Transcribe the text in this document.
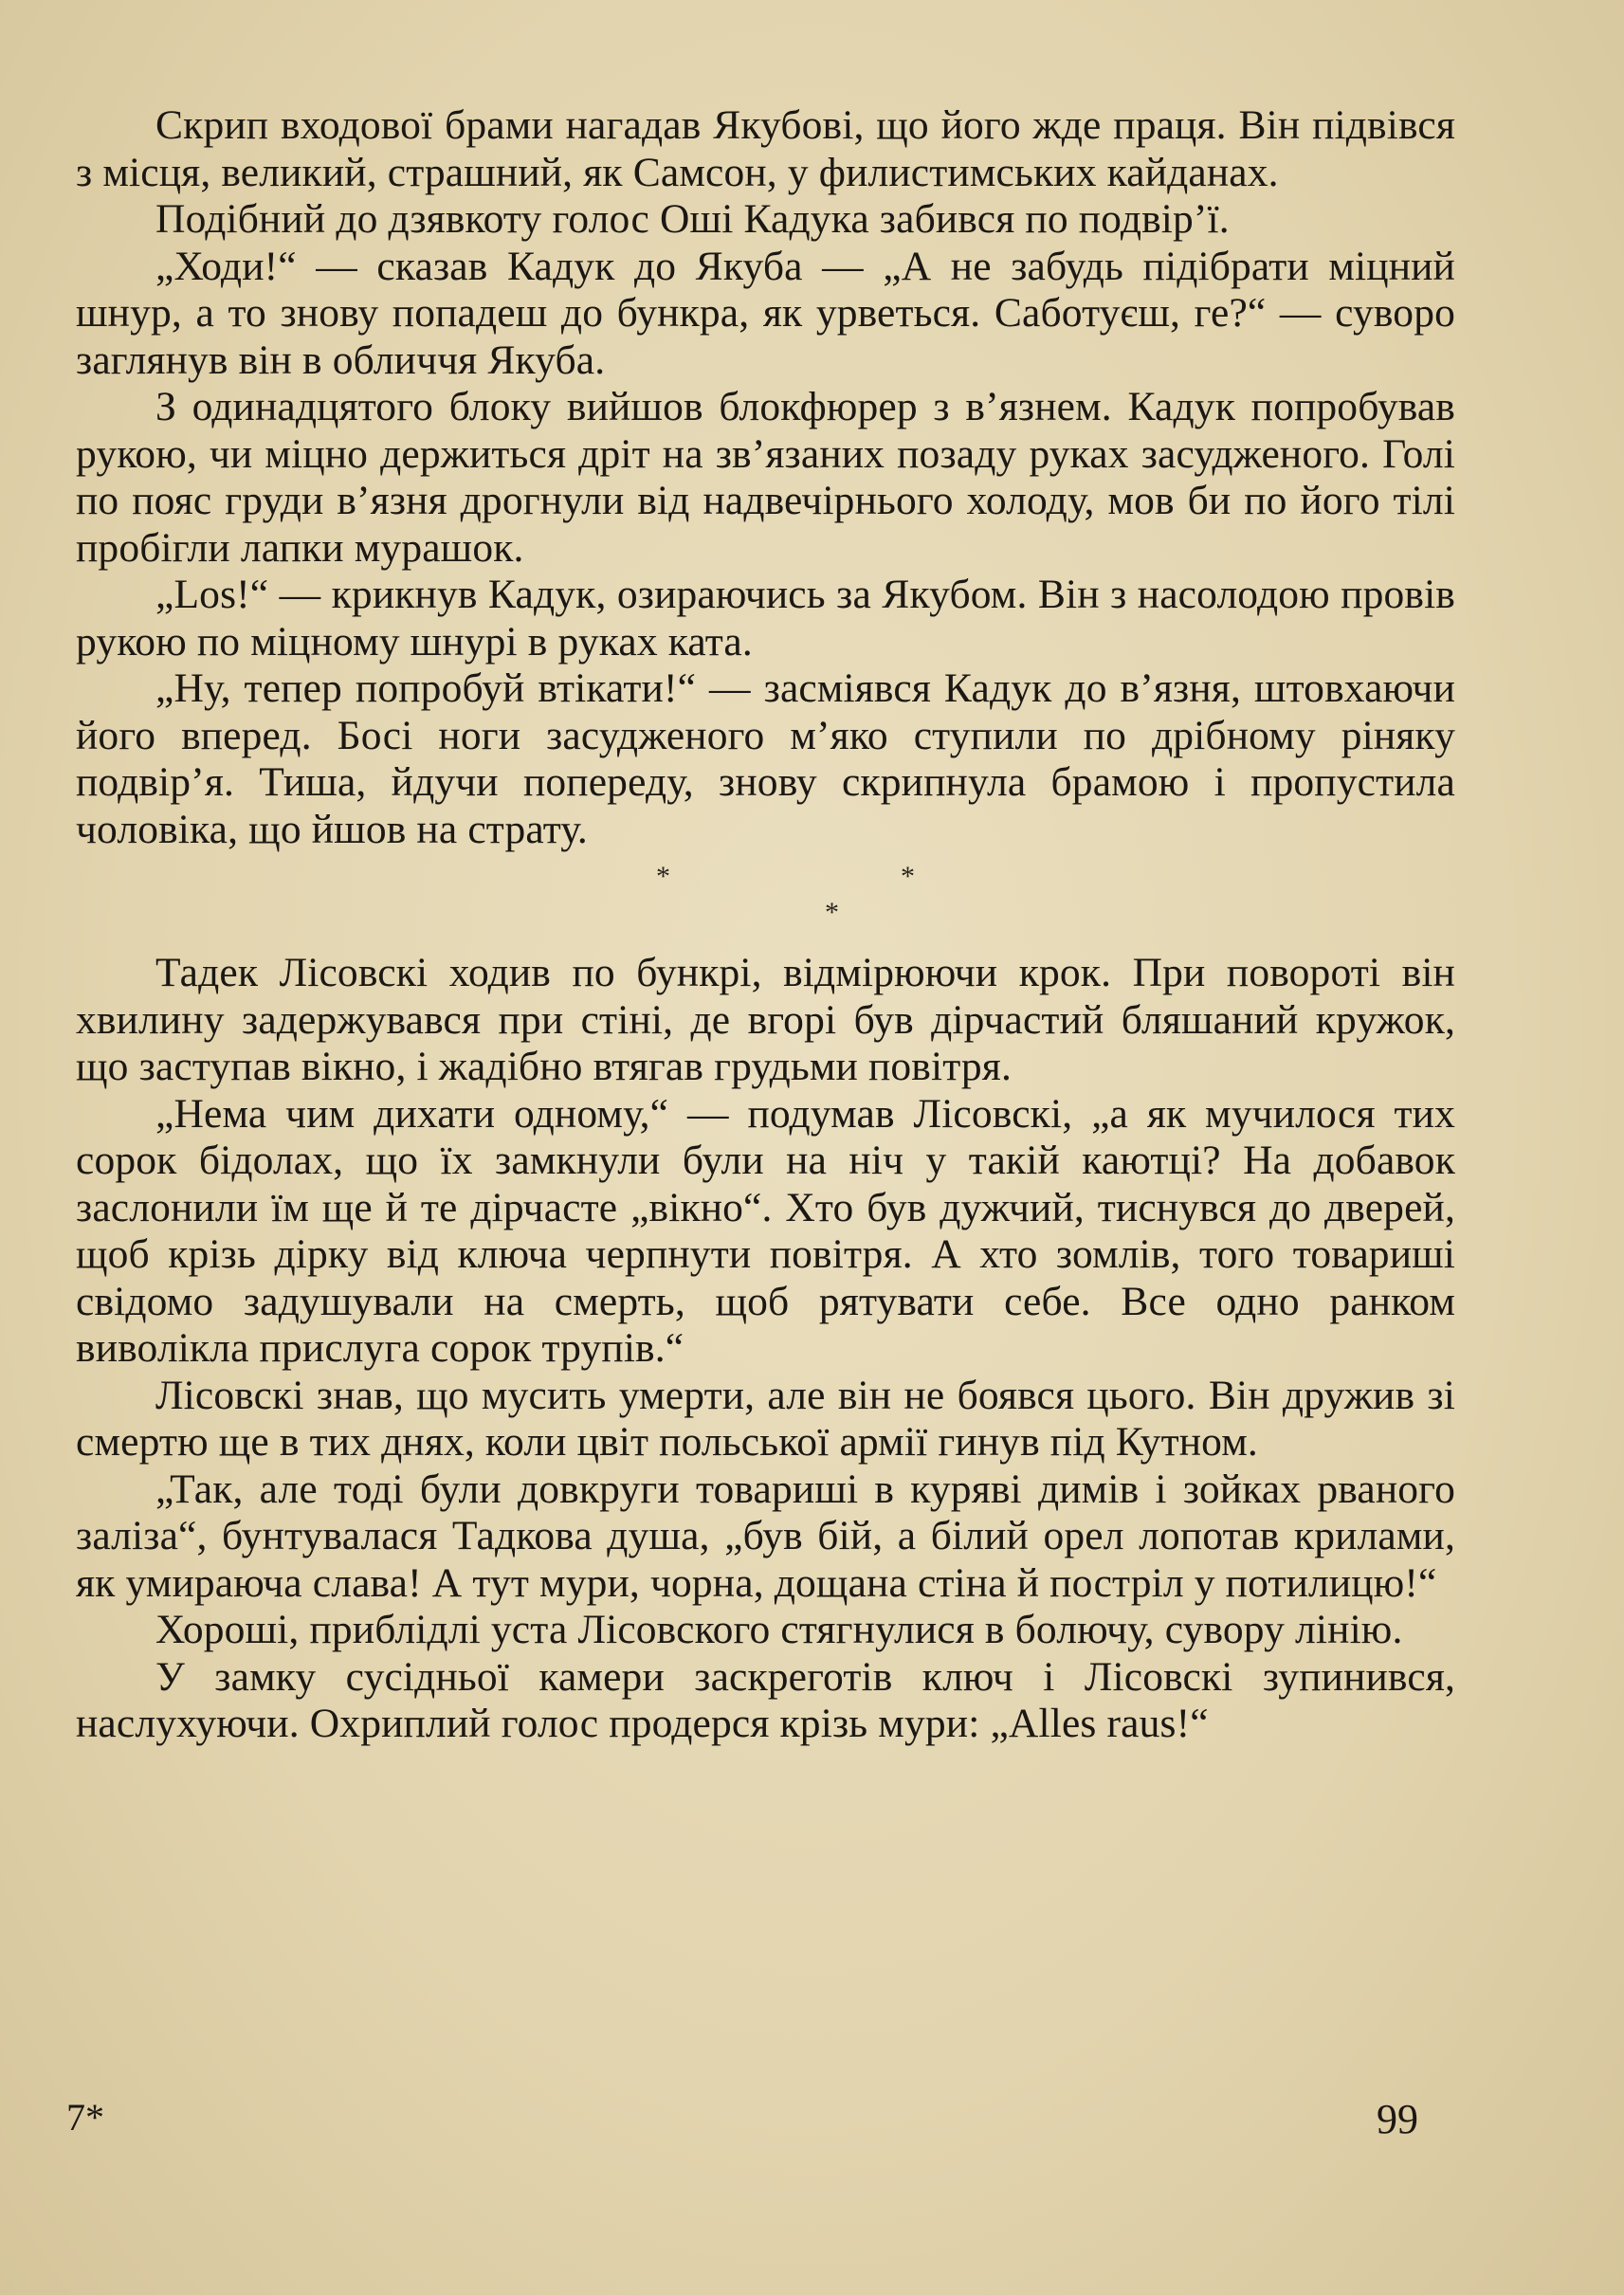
Скрип входової брами нагадав Якубові, що його жде праця. Він підвівся з місця, великий, страшний, як Самсон, у филистимських кайданах.

Подібний до дзявкоту голос Оші Кадука забився по подвір’ї.

„Ходи!“ — сказав Кадук до Якуба — „А не забудь підібрати міцний шнур, а то знову попадеш до бункра, як урветься. Саботуєш, ге?“ — суворо заглянув він в обличчя Якуба.

З одинадцятого блоку вийшов блокфюрер з в’язнем. Кадук попробував рукою, чи міцно держиться дріт на зв’язаних позаду руках засудженого. Голі по пояс груди в’язня дрогнули від надвечірнього холоду, мов би по його тілі пробігли лапки мурашок.

„Los!“ — крикнув Кадук, озираючись за Якубом. Він з насолодою провів рукою по міцному шнурі в руках ката.

„Ну, тепер попробуй втікати!“ — засміявся Кадук до в’язня, штовхаючи його вперед. Босі ноги засудженого м’яко ступили по дрібному ріняку подвір’я. Тиша, йдучи попереду, знову скрипнула брамою і пропустила чоловіка, що йшов на страту.

*
*
*

Тадек Лісовскі ходив по бункрі, відмірюючи крок. При повороті він хвилину задержувався при стіні, де вгорі був дірчастий бляшаний кружок, що заступав вікно, і жадібно втягав грудьми повітря.

„Нема чим дихати одному,“ — подумав Лісовскі, „а як мучилося тих сорок бідолах, що їх замкнули були на ніч у такій каютці? На добавок заслонили їм ще й те дірчасте „вікно“. Хто був дужчий, тиснувся до дверей, щоб крізь дірку від ключа черпнути повітря. А хто зомлів, того товариші свідомо задушували на смерть, щоб рятувати себе. Все одно ранком виволікла прислуга сорок трупів.“

Лісовскі знав, що мусить умерти, але він не боявся цього. Він дружив зі смертю ще в тих днях, коли цвіт польської армії гинув під Кутном.

„Так, але тоді були довкруги товариші в куряві димів і зойках рваного заліза“, бунтувалася Тадкова душа, „був бій, а білий орел лопотав крилами, як умираюча слава! А тут мури, чорна, дощана стіна й постріл у потилицю!“

Хороші, приблідлі уста Лісовского стягнулися в болючу, сувору лінію.

У замку сусідньої камери заскреготів ключ і Лісовскі зупинився, наслухуючи. Охриплий голос продерся крізь мури: „Alles raus!“

7*	99
